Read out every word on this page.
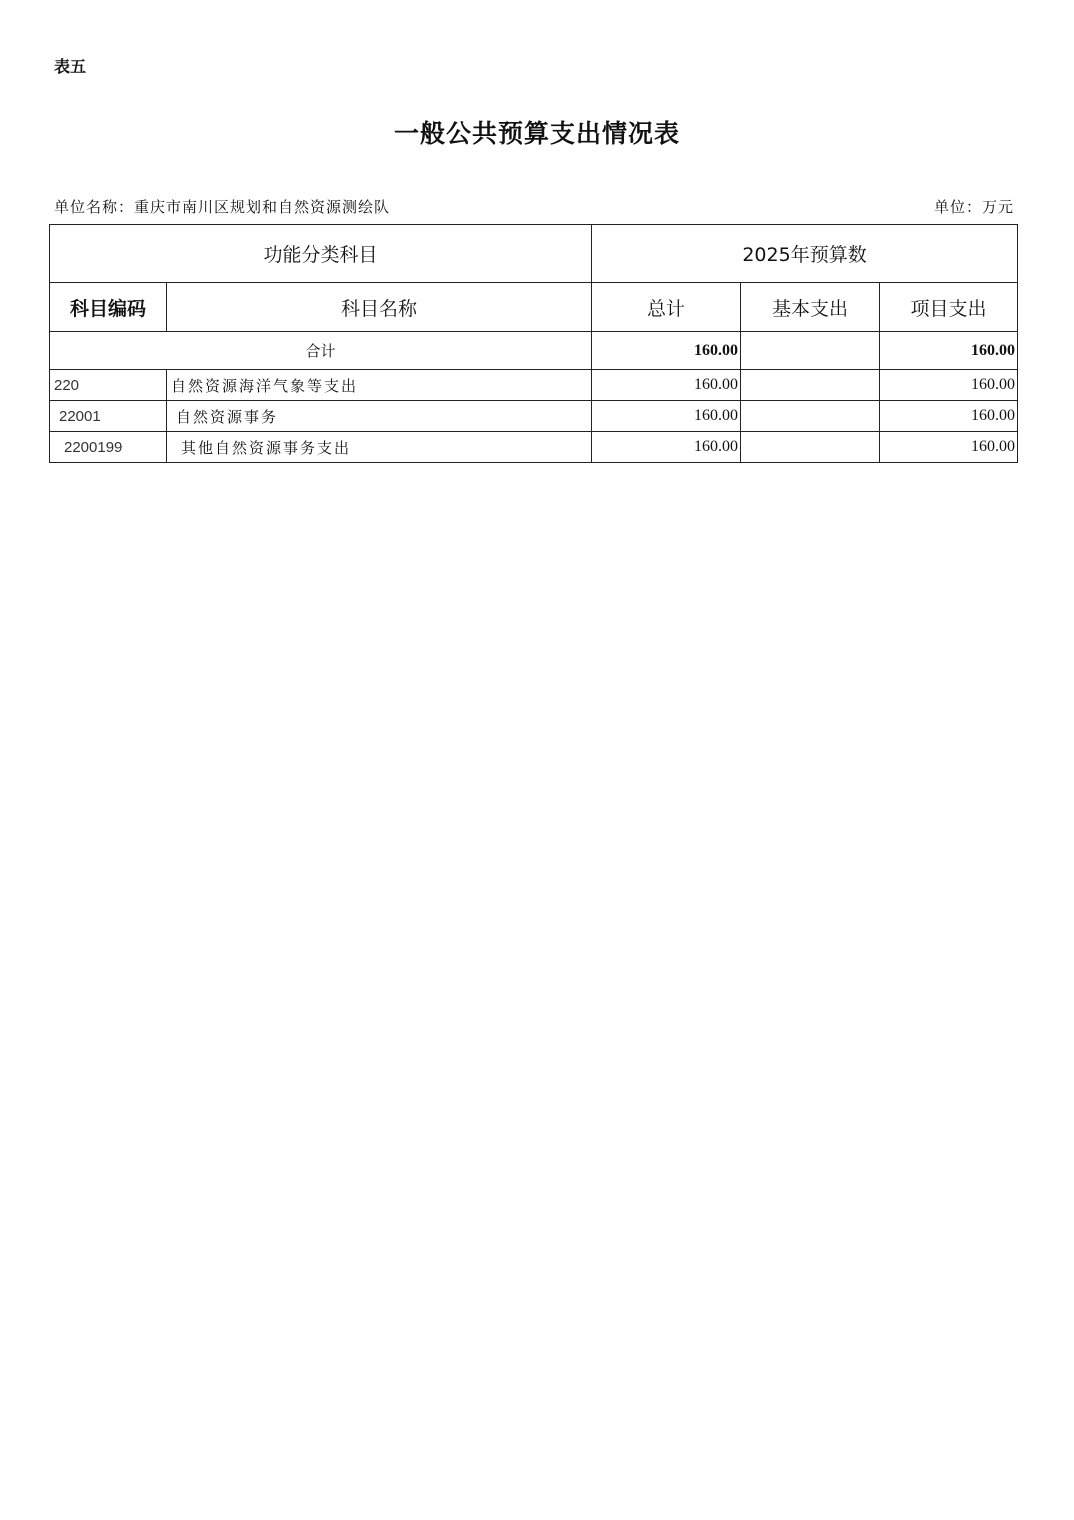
表五
一般公共预算支出情况表
单位名称：重庆市南川区规划和自然资源测绘队	单位：万元
功能分类科目		2025年预算数		
科目编码	科目名称	总计	基本支出	项目支出
合计		160.00		160.00
220	自然资源海洋气象等支出	160.00		160.00
22001	自然资源事务	160.00		160.00
2200199	其他自然资源事务支出	160.00		160.00
